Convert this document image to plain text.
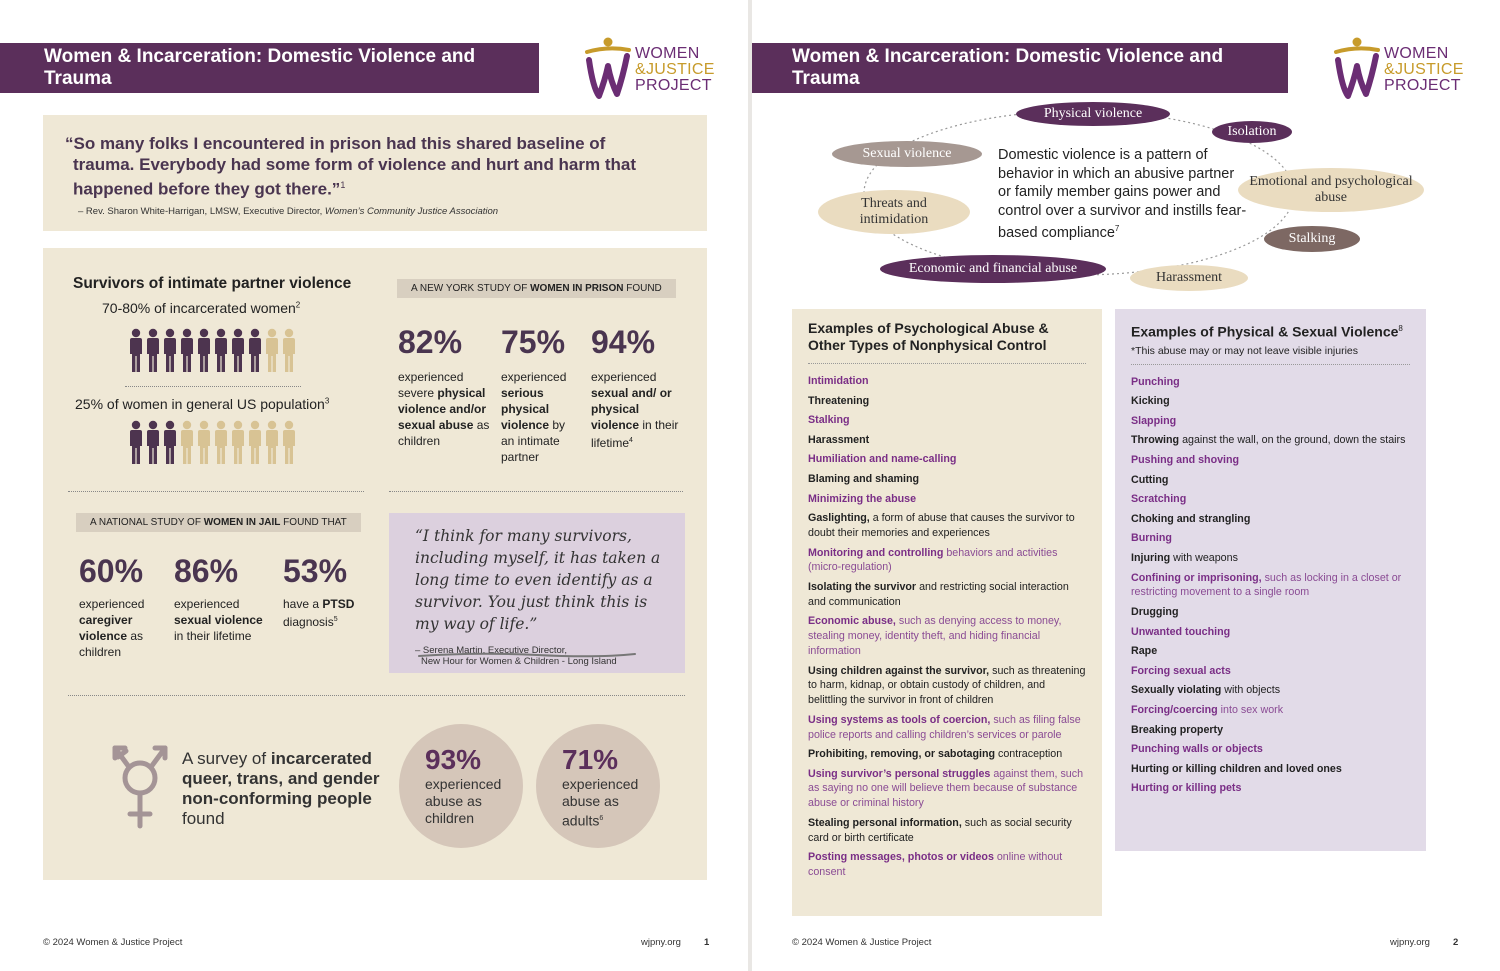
Women & Incarceration: Domestic Violence and Trauma
WOMEN
&JUSTICE
PROJECT
“So many folks I encountered in prison had this shared baseline of trauma. Everybody had some form of violence and hurt and harm that happened before they got there.”$^1$
– Rev. Sharon White-Harrigan, LMSW, Executive Director, Women’s Community Justice Association
Survivors of intimate partner violence
70-80% of incarcerated women$^2$
25% of women in general US population$^3$
A NEW YORK STUDY OF WOMEN IN PRISON FOUND
82%
experienced severe physical violence and/or sexual abuse as children
75%
experienced serious physical violence by an intimate partner
94%
experienced sexual and/ or physical violence in their lifetime$^4$
A NATIONAL STUDY OF WOMEN IN JAIL FOUND THAT
60%
experienced caregiver violence as children
86%
experienced sexual violence in their lifetime
53%
have a PTSD diagnosis$^5$
“I think for many survivors, including myself, it has taken a long time to even identify as a survivor. You just think this is my way of life.”
– Serena Martin, Executive Director,
New Hour for Women & Children - Long Island
A survey of incarcerated queer, trans, and gender non-conforming people found
93%
experienced abuse as children
71%
experienced abuse as adults$^6$
© 2024 Women & Justice Project	wjpny.org 1
Women & Incarceration: Domestic Violence and Trauma
WOMEN
&JUSTICE
PROJECT
Physical violence
Isolation
Sexual violence
Emotional and psychological abuse
Threats and intimidation
Stalking
Economic and financial abuse
Harassment
Domestic violence is a pattern of behavior in which an abusive partner or family member gains power and control over a survivor and instills fear-based compliance$^7$
Examples of Psychological Abuse & Other Types of Nonphysical Control
Intimidation
Threatening
Stalking
Harassment
Humiliation and name-calling
Blaming and shaming
Minimizing the abuse
Gaslighting, a form of abuse that causes the survivor to doubt their memories and experiences
Monitoring and controlling behaviors and activities (micro-regulation)
Isolating the survivor and restricting social interaction and communication
Economic abuse, such as denying access to money, stealing money, identity theft, and hiding financial information
Using children against the survivor, such as threatening to harm, kidnap, or obtain custody of children, and belittling the survivor in front of children
Using systems as tools of coercion, such as filing false police reports and calling children’s services or parole
Prohibiting, removing, or sabotaging contraception
Using survivor’s personal struggles against them, such as saying no one will believe them because of substance abuse or criminal history
Stealing personal information, such as social security card or birth certificate
Posting messages, photos or videos online without consent
Examples of Physical & Sexual Violence$^8$
*This abuse may or may not leave visible injuries
Punching
Kicking
Slapping
Throwing against the wall, on the ground, down the stairs
Pushing and shoving
Cutting
Scratching
Choking and strangling
Burning
Injuring with weapons
Confining or imprisoning, such as locking in a closet or restricting movement to a single room
Drugging
Unwanted touching
Rape
Forcing sexual acts
Sexually violating with objects
Forcing/coercing into sex work
Breaking property
Punching walls or objects
Hurting or killing children and loved ones
Hurting or killing pets
© 2024 Women & Justice Project	wjpny.org 2
